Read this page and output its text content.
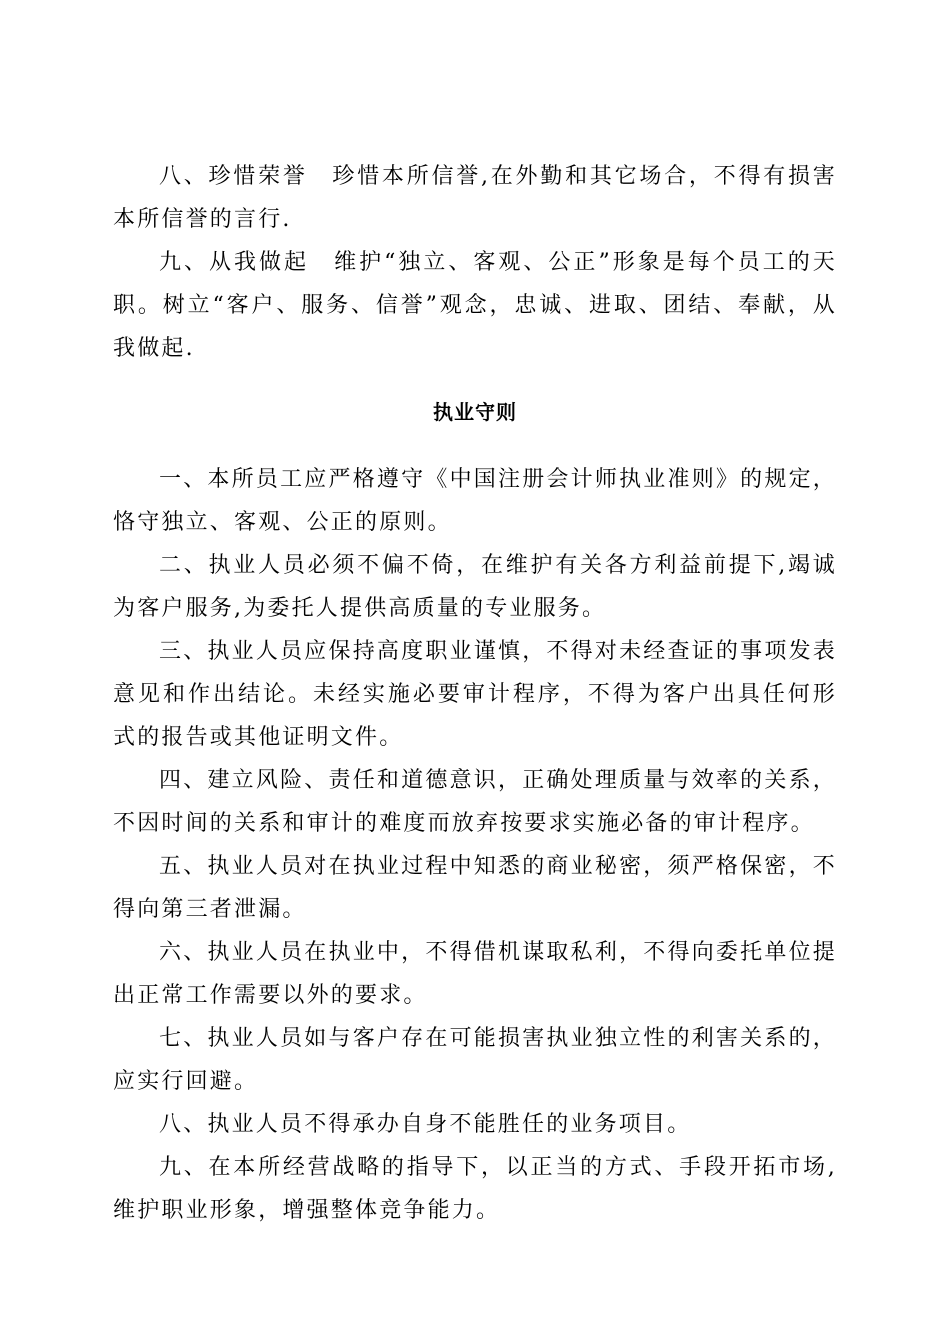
八、珍惜荣誉　珍惜本所信誉,在外勤和其它场合，不得有损害本所信誉的言行.

九、从我做起　维护“独立、客观、公正”形象是每个员工的天职。树立“客户、服务、信誉”观念，忠诚、进取、团结、奉献，从我做起.

执业守则

一、本所员工应严格遵守《中国注册会计师执业准则》的规定，恪守独立、客观、公正的原则。

二、执业人员必须不偏不倚，在维护有关各方利益前提下,竭诚为客户服务,为委托人提供高质量的专业服务。

三、执业人员应保持高度职业谨慎，不得对未经查证的事项发表意见和作出结论。未经实施必要审计程序，不得为客户出具任何形式的报告或其他证明文件。

四、建立风险、责任和道德意识，正确处理质量与效率的关系，不因时间的关系和审计的难度而放弃按要求实施必备的审计程序。

五、执业人员对在执业过程中知悉的商业秘密，须严格保密，不得向第三者泄漏。

六、执业人员在执业中，不得借机谋取私利，不得向委托单位提出正常工作需要以外的要求。

七、执业人员如与客户存在可能损害执业独立性的利害关系的，应实行回避。

八、执业人员不得承办自身不能胜任的业务项目。

九、在本所经营战略的指导下，以正当的方式、手段开拓市场,维护职业形象，增强整体竞争能力。
